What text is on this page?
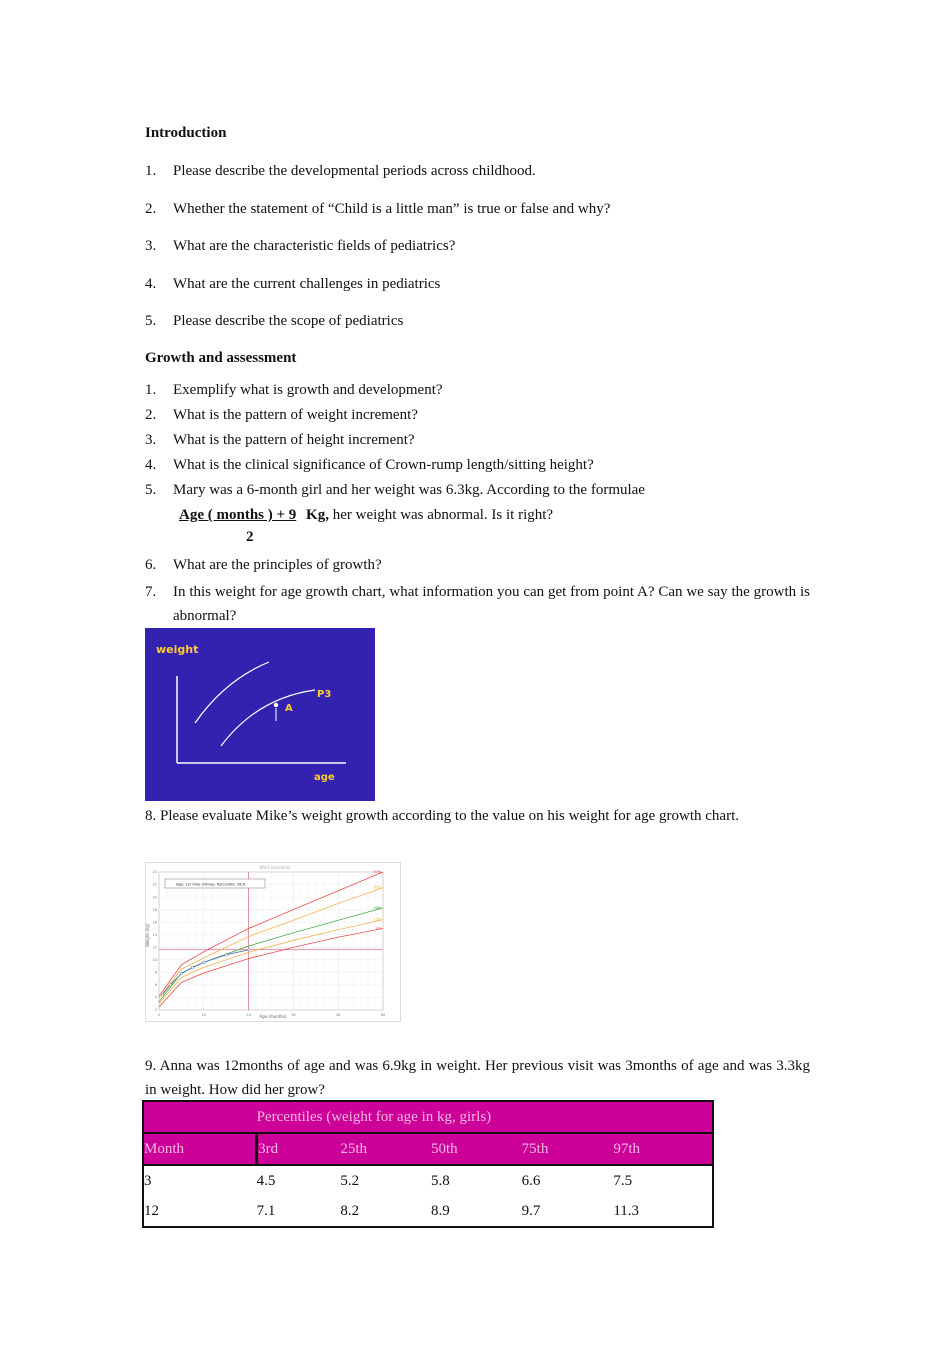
Introduction
1. Please describe the developmental periods across childhood.
2. Whether the statement of “Child is a little man” is true or false and why?
3. What are the characteristic fields of pediatrics?
4. What are the current challenges in pediatrics
5. Please describe the scope of pediatrics
Growth and assessment
1. Exemplify what is growth and development?
2. What is the pattern of weight increment?
3. What is the pattern of height increment?
4. What is the clinical significance of Crown-rump length/sitting height?
5. Mary was a 6-month girl and her weight was 6.3kg. According to the formulae
Age ( months ) + 9 Kg, her weight was abnormal. Is it right?
2
6. What are the principles of growth?
7.	In this weight for age growth chart, what information you can get from point A? Can we say the growth is abnormal?
weight
P3
A
age
8. Please evaluate Mike’s weight growth according to the value on his weight for age growth chart.
WHO standards
Age (months)
Weight (kg)
97th
85th
50th
15th
3rd
0	12	24	36	48	60
2
4
6
8
10
12
14
16
18
20
22
24
Age: 2yr 0mo (24mo), Percentile: 28.8
9. Anna was 12months of age and was 6.9kg in weight. Her previous visit was 3months of age and was 3.3kg in weight. How did her grow?
	Percentiles (weight for age in kg, girls)				
Month	3rd	25th	50th	75th	97th
3	4.5	5.2	5.8	6.6	7.5
12	7.1	8.2	8.9	9.7	11.3
